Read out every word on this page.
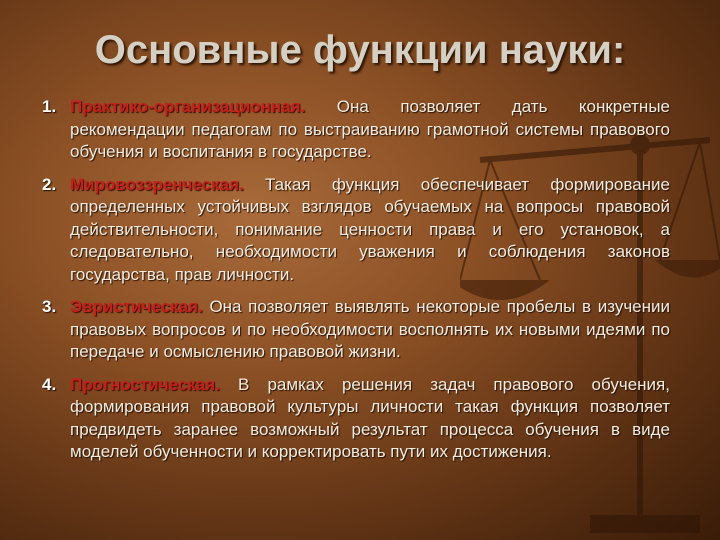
Основные функции науки:
1. Практико-организационная. Она позволяет дать конкретные рекомендации педагогам по выстраиванию грамотной системы правового обучения и воспитания в государстве.
2. Мировоззренческая. Такая функция обеспечивает формирование определенных устойчивых взглядов обучаемых на вопросы правовой действительности, понимание ценности права и его установок, а следовательно, необходимости уважения и соблюдения законов государства, прав личности.
3. Эвристическая. Она позволяет выявлять некоторые пробелы в изучении правовых вопросов и по необходимости восполнять их новыми идеями по передаче и осмыслению правовой жизни.
4. Прогностическая. В рамках решения задач правового обучения, формирования правовой культуры личности такая функция позволяет предвидеть заранее возможный результат процесса обучения в виде моделей обученности и корректировать пути их достижения.
